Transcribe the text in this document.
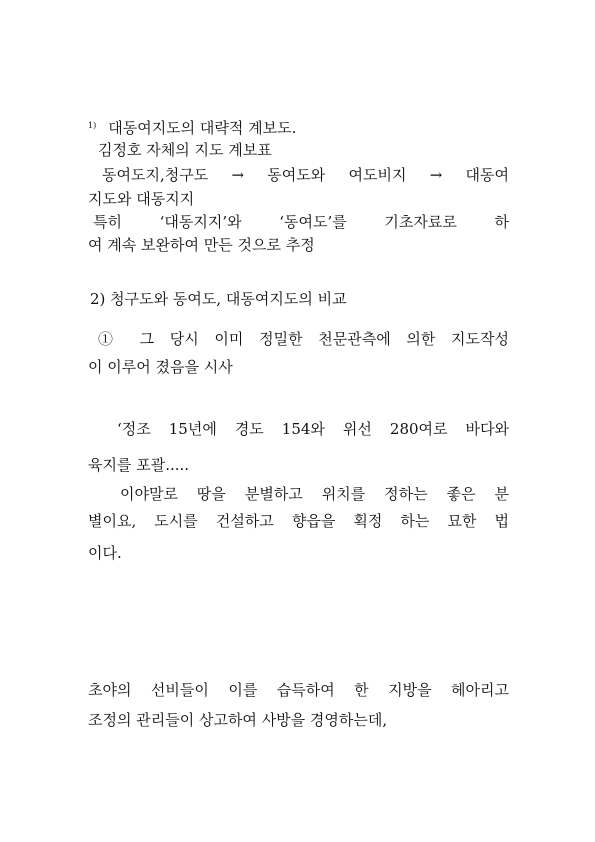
$^{1)}$ 대동여지도의 대략적 계보도.
김정호 자체의 지도 계보표
동여도지,청구도 → 동여도와 여도비지 → 대동여
지도와 대동지지
특히 ‘대동지지’와 ‘동여도’를 기초자료로 하
여 계속 보완하여 만든 것으로 추정
2) 청구도와 동여도, 대동여지도의 비교
① 그 당시 이미 정밀한 천문관측에 의한 지도작성
이 이루어 졌음을 시사
‘정조 15년에 경도 154와 위선 280여로 바다와
육지를 포괄.....
이야말로 땅을 분별하고 위치를 정하는 좋은 분
별이요, 도시를 건설하고 향읍을 획정 하는 묘한 법
이다.
초야의 선비들이 이를 습득하여 한 지방을 헤아리고
조정의 관리들이 상고하여 사방을 경영하는데,
